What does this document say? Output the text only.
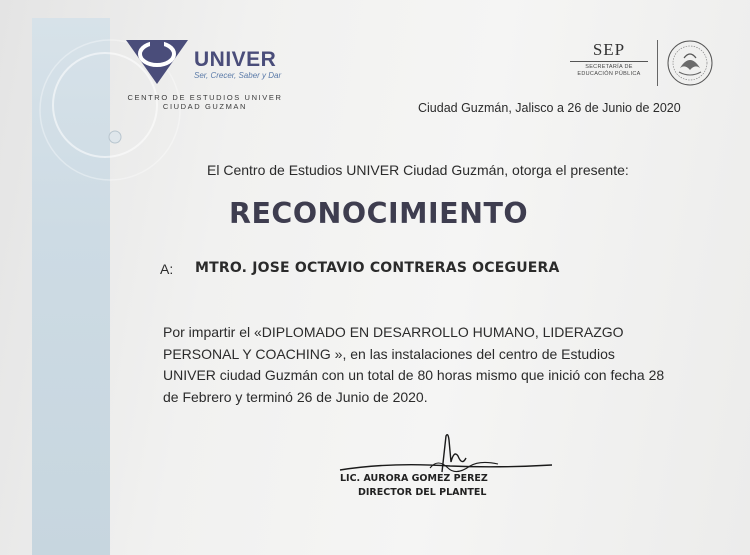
UNIVER
Ser, Crecer, Saber y Dar
CENTRO DE ESTUDIOS UNIVER
CIUDAD GUZMAN
SEP
SECRETARÍA DE
EDUCACIÓN PÚBLICA
Ciudad Guzmán, Jalisco a 26 de Junio de 2020
El Centro de Estudios UNIVER Ciudad Guzmán, otorga el presente:
RECONOCIMIENTO
A: MTRO. JOSE OCTAVIO CONTRERAS OCEGUERA
Por impartir el «DIPLOMADO EN DESARROLLO HUMANO, LIDERAZGO
PERSONAL Y COACHING », en las instalaciones del centro de Estudios
UNIVER ciudad Guzmán con un total de 80 horas mismo que inició con fecha 28
de Febrero y terminó 26 de Junio de 2020.
LIC. AURORA GOMEZ PEREZ
DIRECTOR DEL PLANTEL
